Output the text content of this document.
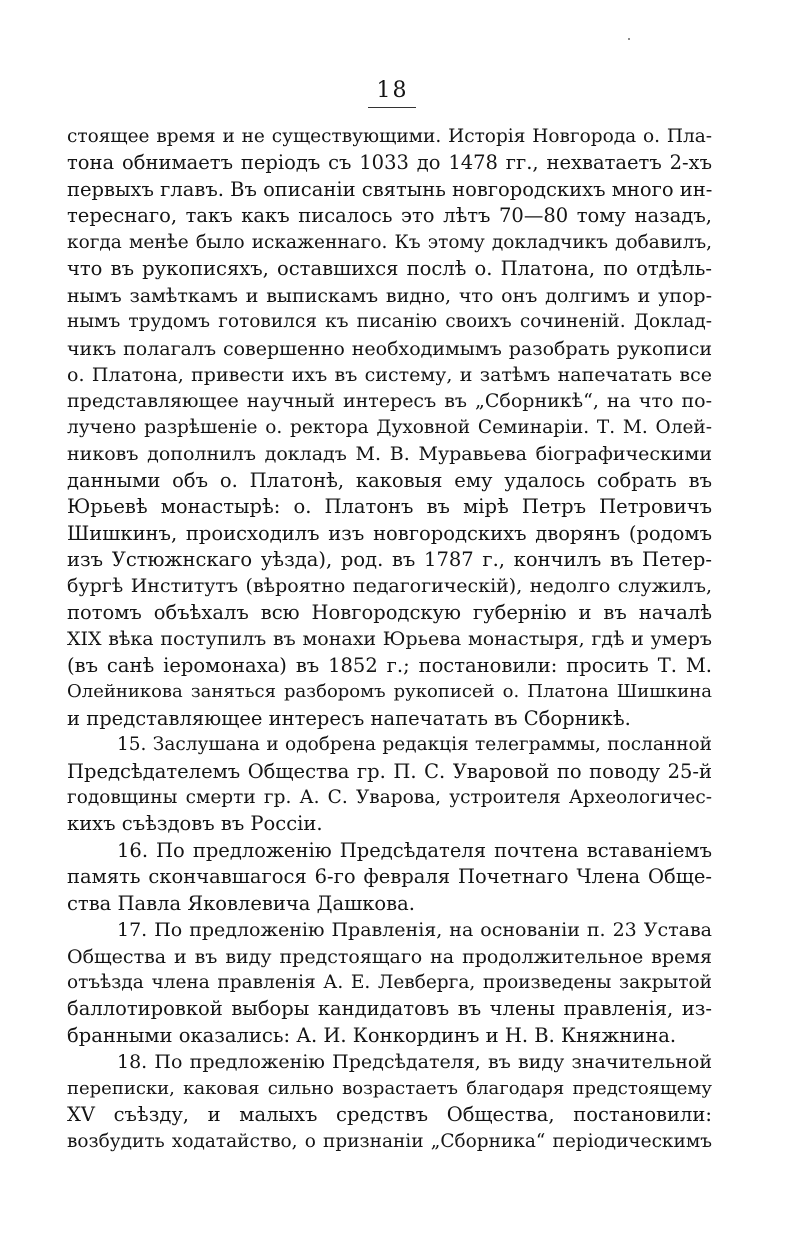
18
стоящее время и не существующими. Исторія Новгорода о. Пла-
тона обнимаетъ періодъ съ 1033 до 1478 гг., нехватаетъ 2-хъ
первыхъ главъ. Въ описаніи святынь новгородскихъ много ин-
тереснаго, такъ какъ писалось это лѣтъ 70—80 тому назадъ,
когда менѣе было искаженнаго. Къ этому докладчикъ добавилъ,
что въ рукописяхъ, оставшихся послѣ о. Платона, по отдѣль-
нымъ замѣткамъ и выпискамъ видно, что онъ долгимъ и упор-
нымъ трудомъ готовился къ писанію своихъ сочиненій. Доклад-
чикъ полагалъ совершенно необходимымъ разобрать рукописи
о. Платона, привести ихъ въ систему, и затѣмъ напечатать все
представляющее научный интересъ въ „Сборникѣ“, на что по-
лучено разрѣшеніе о. ректора Духовной Семинаріи. Т. М. Олей-
никовъ дополнилъ докладъ М. В. Муравьева біографическими
данными объ о. Платонѣ, каковыя ему удалось собрать въ
Юрьевѣ монастырѣ: о. Платонъ въ мірѣ Петръ Петровичъ
Шишкинъ, происходилъ изъ новгородскихъ дворянъ (родомъ
изъ Устюжнскаго уѣзда), род. въ 1787 г., кончилъ въ Петер-
бургѣ Институтъ (вѣроятно педагогическій), недолго служилъ,
потомъ объѣхалъ всю Новгородскую губернію и въ началѣ
XIX вѣка поступилъ въ монахи Юрьева монастыря, гдѣ и умеръ
(въ санѣ іеромонаха) въ 1852 г.; постановили: просить Т. М.
Олейникова заняться разборомъ рукописей о. Платона Шишкина
и представляющее интересъ напечатать въ Сборникѣ.
15. Заслушана и одобрена редакція телеграммы, посланной
Предсѣдателемъ Общества гр. П. С. Уваровой по поводу 25-й
годовщины смерти гр. А. С. Уварова, устроителя Археологичес-
кихъ съѣздовъ въ Россіи.
16. По предложенію Предсѣдателя почтена вставаніемъ
память скончавшагося 6-го февраля Почетнаго Члена Обще-
ства Павла Яковлевича Дашкова.
17. По предложенію Правленія, на основаніи п. 23 Устава
Общества и въ виду предстоящаго на продолжительное время
отъѣзда члена правленія А. Е. Левберга, произведены закрытой
баллотировкой выборы кандидатовъ въ члены правленія, из-
бранными оказались: А. И. Конкординъ и Н. В. Княжнина.
18. По предложенію Предсѣдателя, въ виду значительной
переписки, каковая сильно возрастаетъ благодаря предстоящему
XV съѣзду, и малыхъ средствъ Общества, постановили:
возбудить ходатайство, о признаніи „Сборника“ періодическимъ
